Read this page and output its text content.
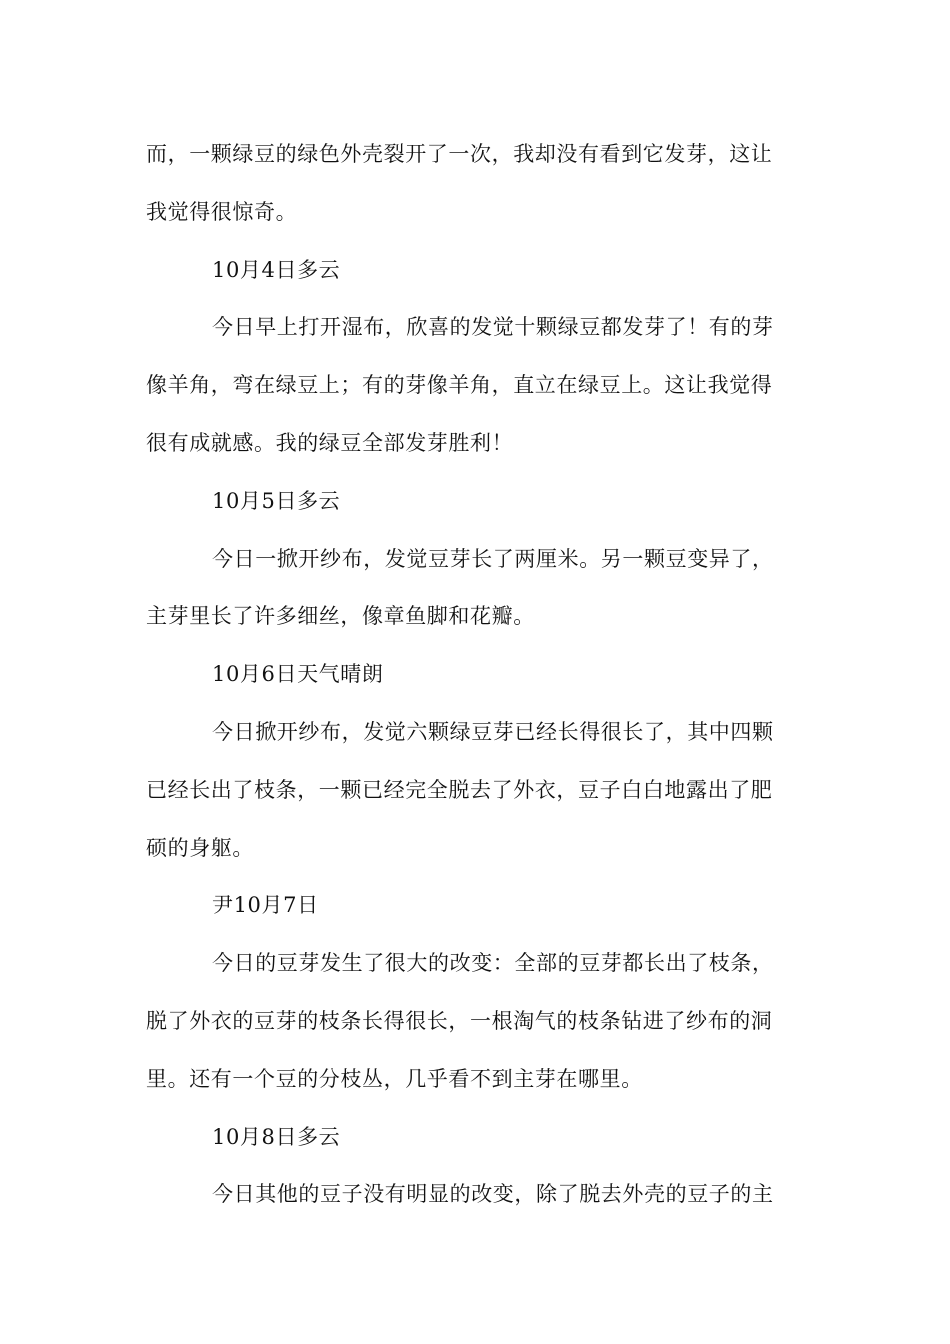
而，一颗绿豆的绿色外壳裂开了一次，我却没有看到它发芽，这让
我觉得很惊奇。
10月4日多云
今日早上打开湿布，欣喜的发觉十颗绿豆都发芽了！有的芽
像羊角，弯在绿豆上；有的芽像羊角，直立在绿豆上。这让我觉得
很有成就感。我的绿豆全部发芽胜利！
10月5日多云
今日一掀开纱布，发觉豆芽长了两厘米。另一颗豆变异了，
主芽里长了许多细丝，像章鱼脚和花瓣。
10月6日天气晴朗
今日掀开纱布，发觉六颗绿豆芽已经长得很长了，其中四颗
已经长出了枝条，一颗已经完全脱去了外衣，豆子白白地露出了肥
硕的身躯。
尹10月7日
今日的豆芽发生了很大的改变：全部的豆芽都长出了枝条，
脱了外衣的豆芽的枝条长得很长，一根淘气的枝条钻进了纱布的洞
里。还有一个豆的分枝丛，几乎看不到主芽在哪里。
10月8日多云
今日其他的豆子没有明显的改变，除了脱去外壳的豆子的主
